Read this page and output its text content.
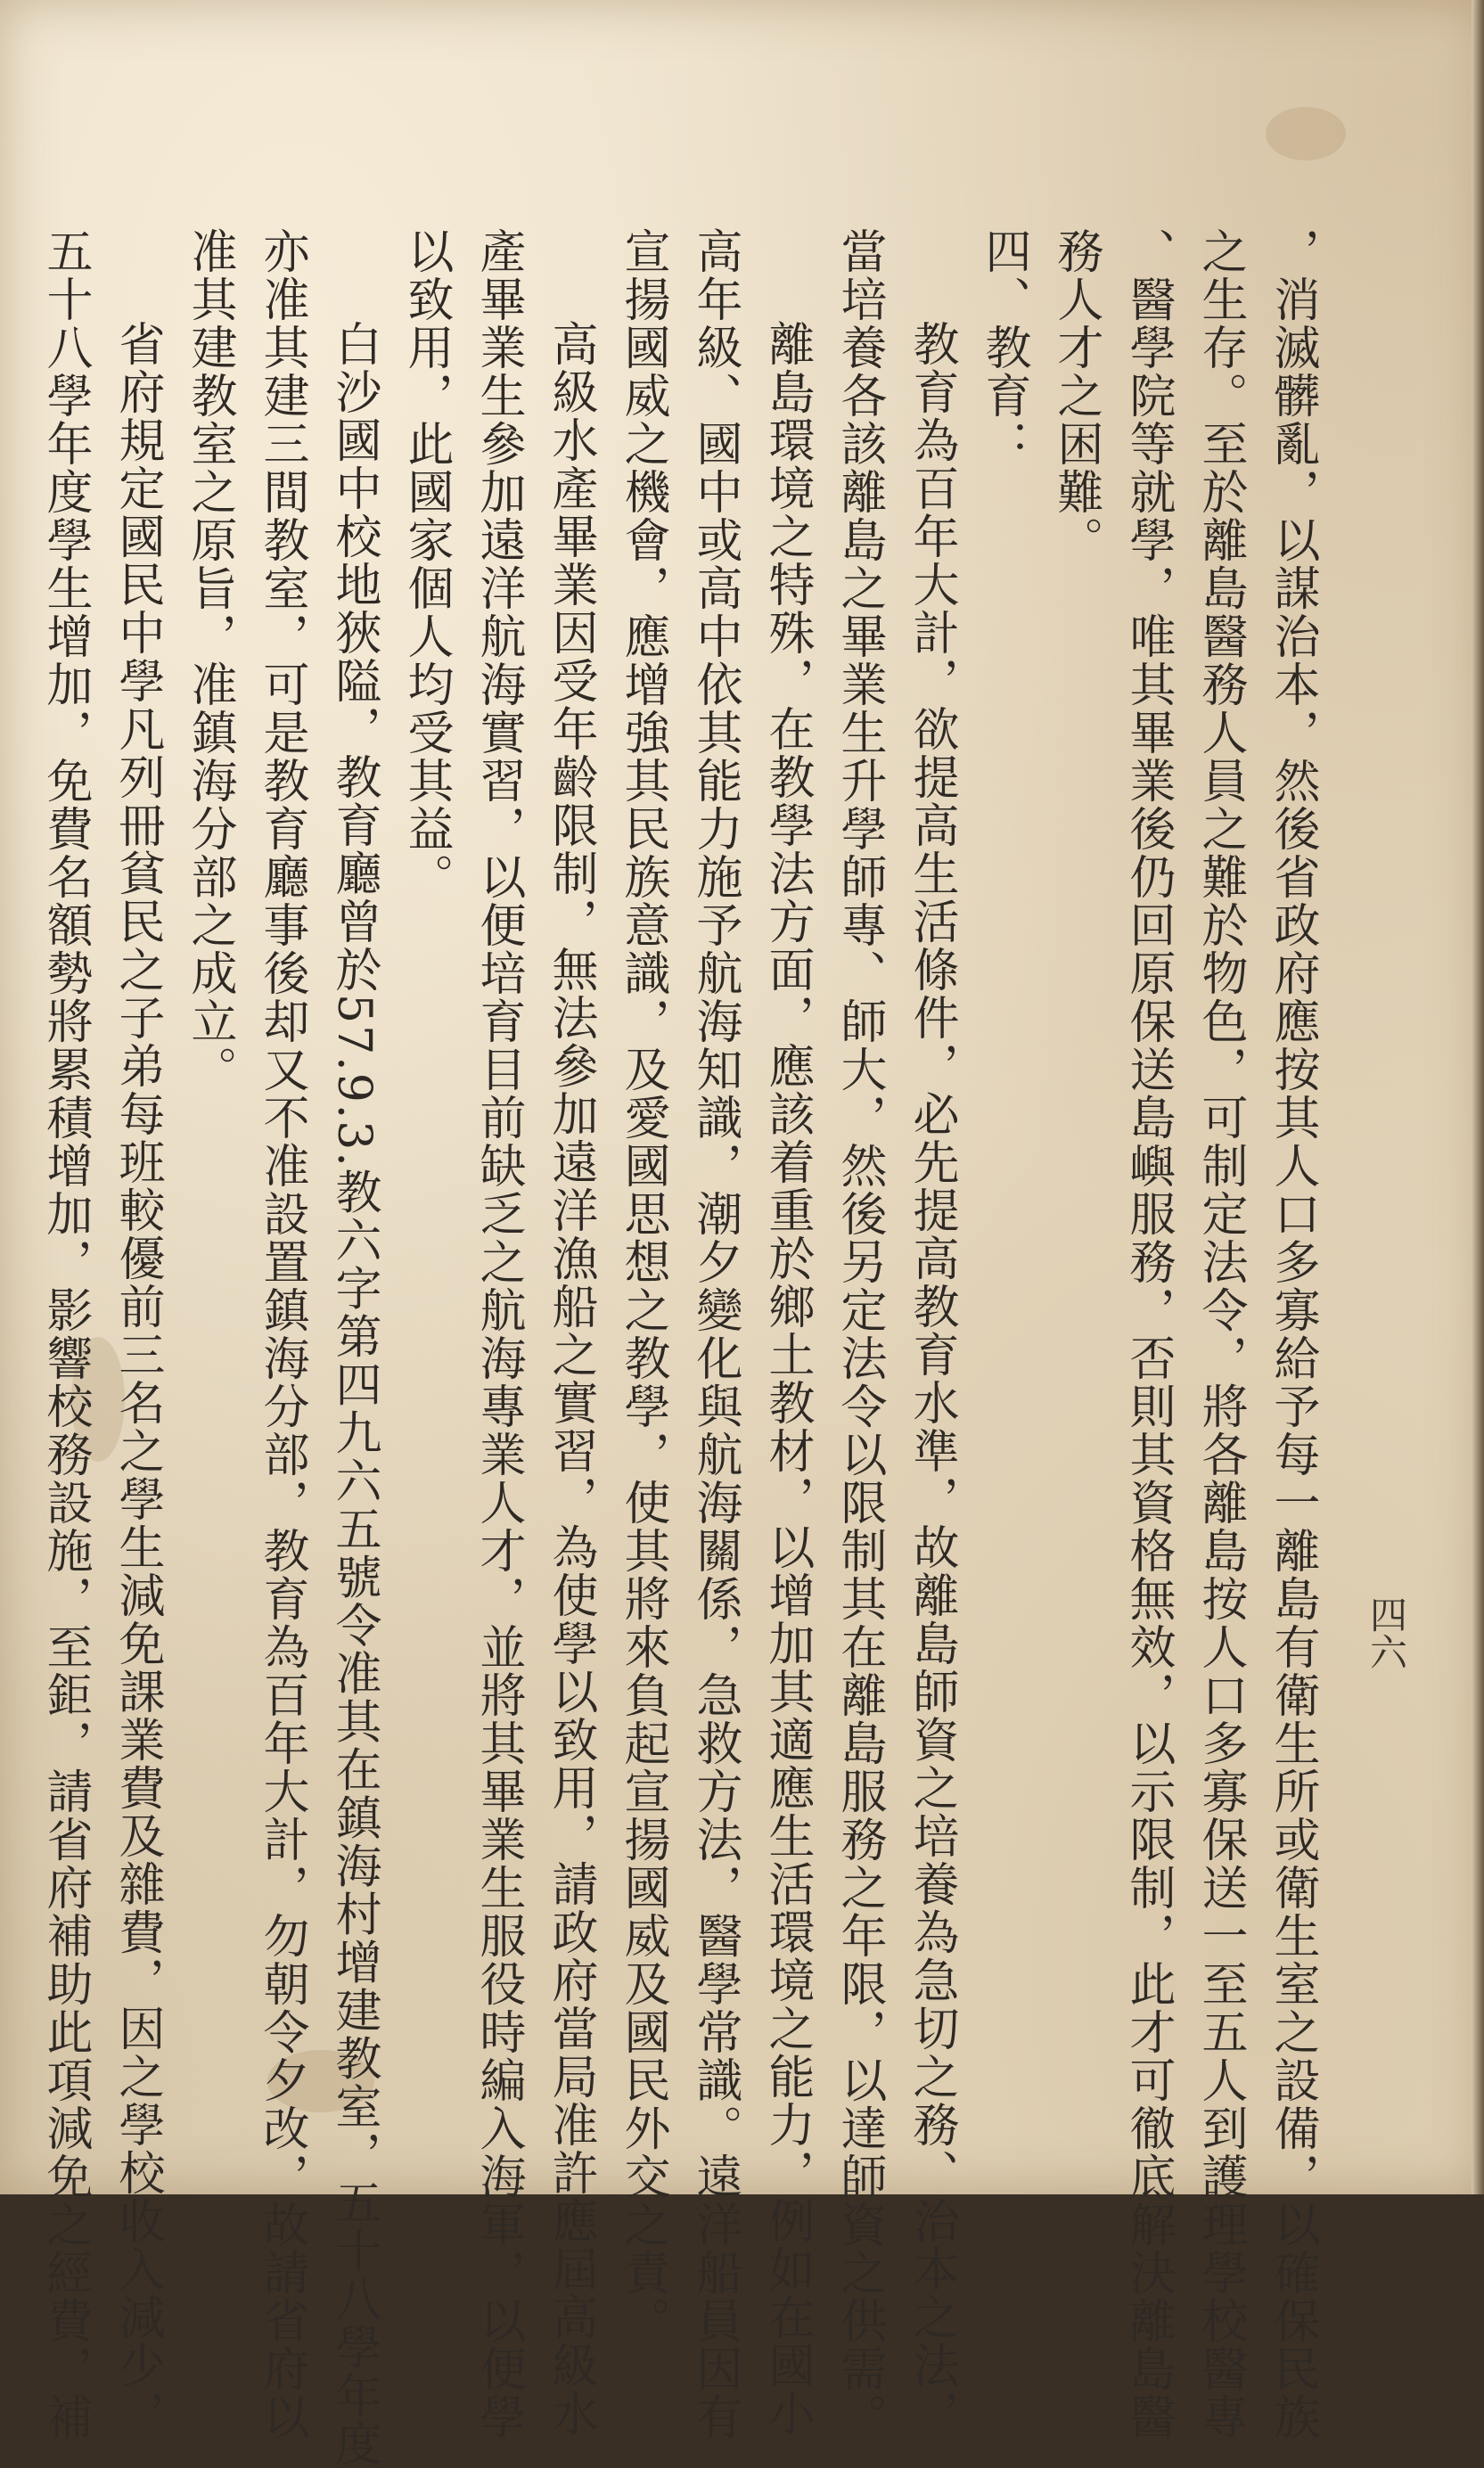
四六
，消滅髒亂，以謀治本，然後省政府應按其人口多寡給予每一離島有衛生所或衛生室之設備，以確保民族
之生存。至於離島醫務人員之難於物色，可制定法令，將各離島按人口多寡保送一至五人到護理學校醫專
、醫學院等就學，唯其畢業後仍回原保送島嶼服務，否則其資格無效，以示限制，此才可徹底解決離島醫
務人才之困難。
四、教育：
教育為百年大計，欲提高生活條件，必先提高教育水準，故離島師資之培養為急切之務、治本之法，
當培養各該離島之畢業生升學師專、師大，然後另定法令以限制其在離島服務之年限，以達師資之供需。
離島環境之特殊，在教學法方面，應該着重於鄉土教材，以增加其適應生活環境之能力，例如在國小
高年級、國中或高中依其能力施予航海知識，潮夕變化與航海關係，急救方法，醫學常識。遠洋船員因有
宣揚國威之機會，應增強其民族意識，及愛國思想之教學，使其將來負起宣揚國威及國民外交之責。
高級水產畢業因受年齡限制，無法參加遠洋漁船之實習，為使學以致用，請政府當局准許應屆高級水
產畢業生參加遠洋航海實習，以便培育目前缺乏之航海專業人才，並將其畢業生服役時編入海軍，以便學
以致用，此國家個人均受其益。
白沙國中校地狹隘，教育廳曾於57.9.3.教六字第四九六五號令准其在鎮海村增建教室，五十八學年度
亦准其建三間教室，可是教育廳事後却又不准設置鎮海分部，教育為百年大計，勿朝令夕改，故請省府以
准其建教室之原旨，准鎮海分部之成立。
省府規定國民中學凡列冊貧民之子弟每班較優前三名之學生減免課業費及雜費，因之學校收入減少，
五十八學年度學生增加，免費名額勢將累積增加，影響校務設施，至鉅，請省府補助此項減免之經費，補
